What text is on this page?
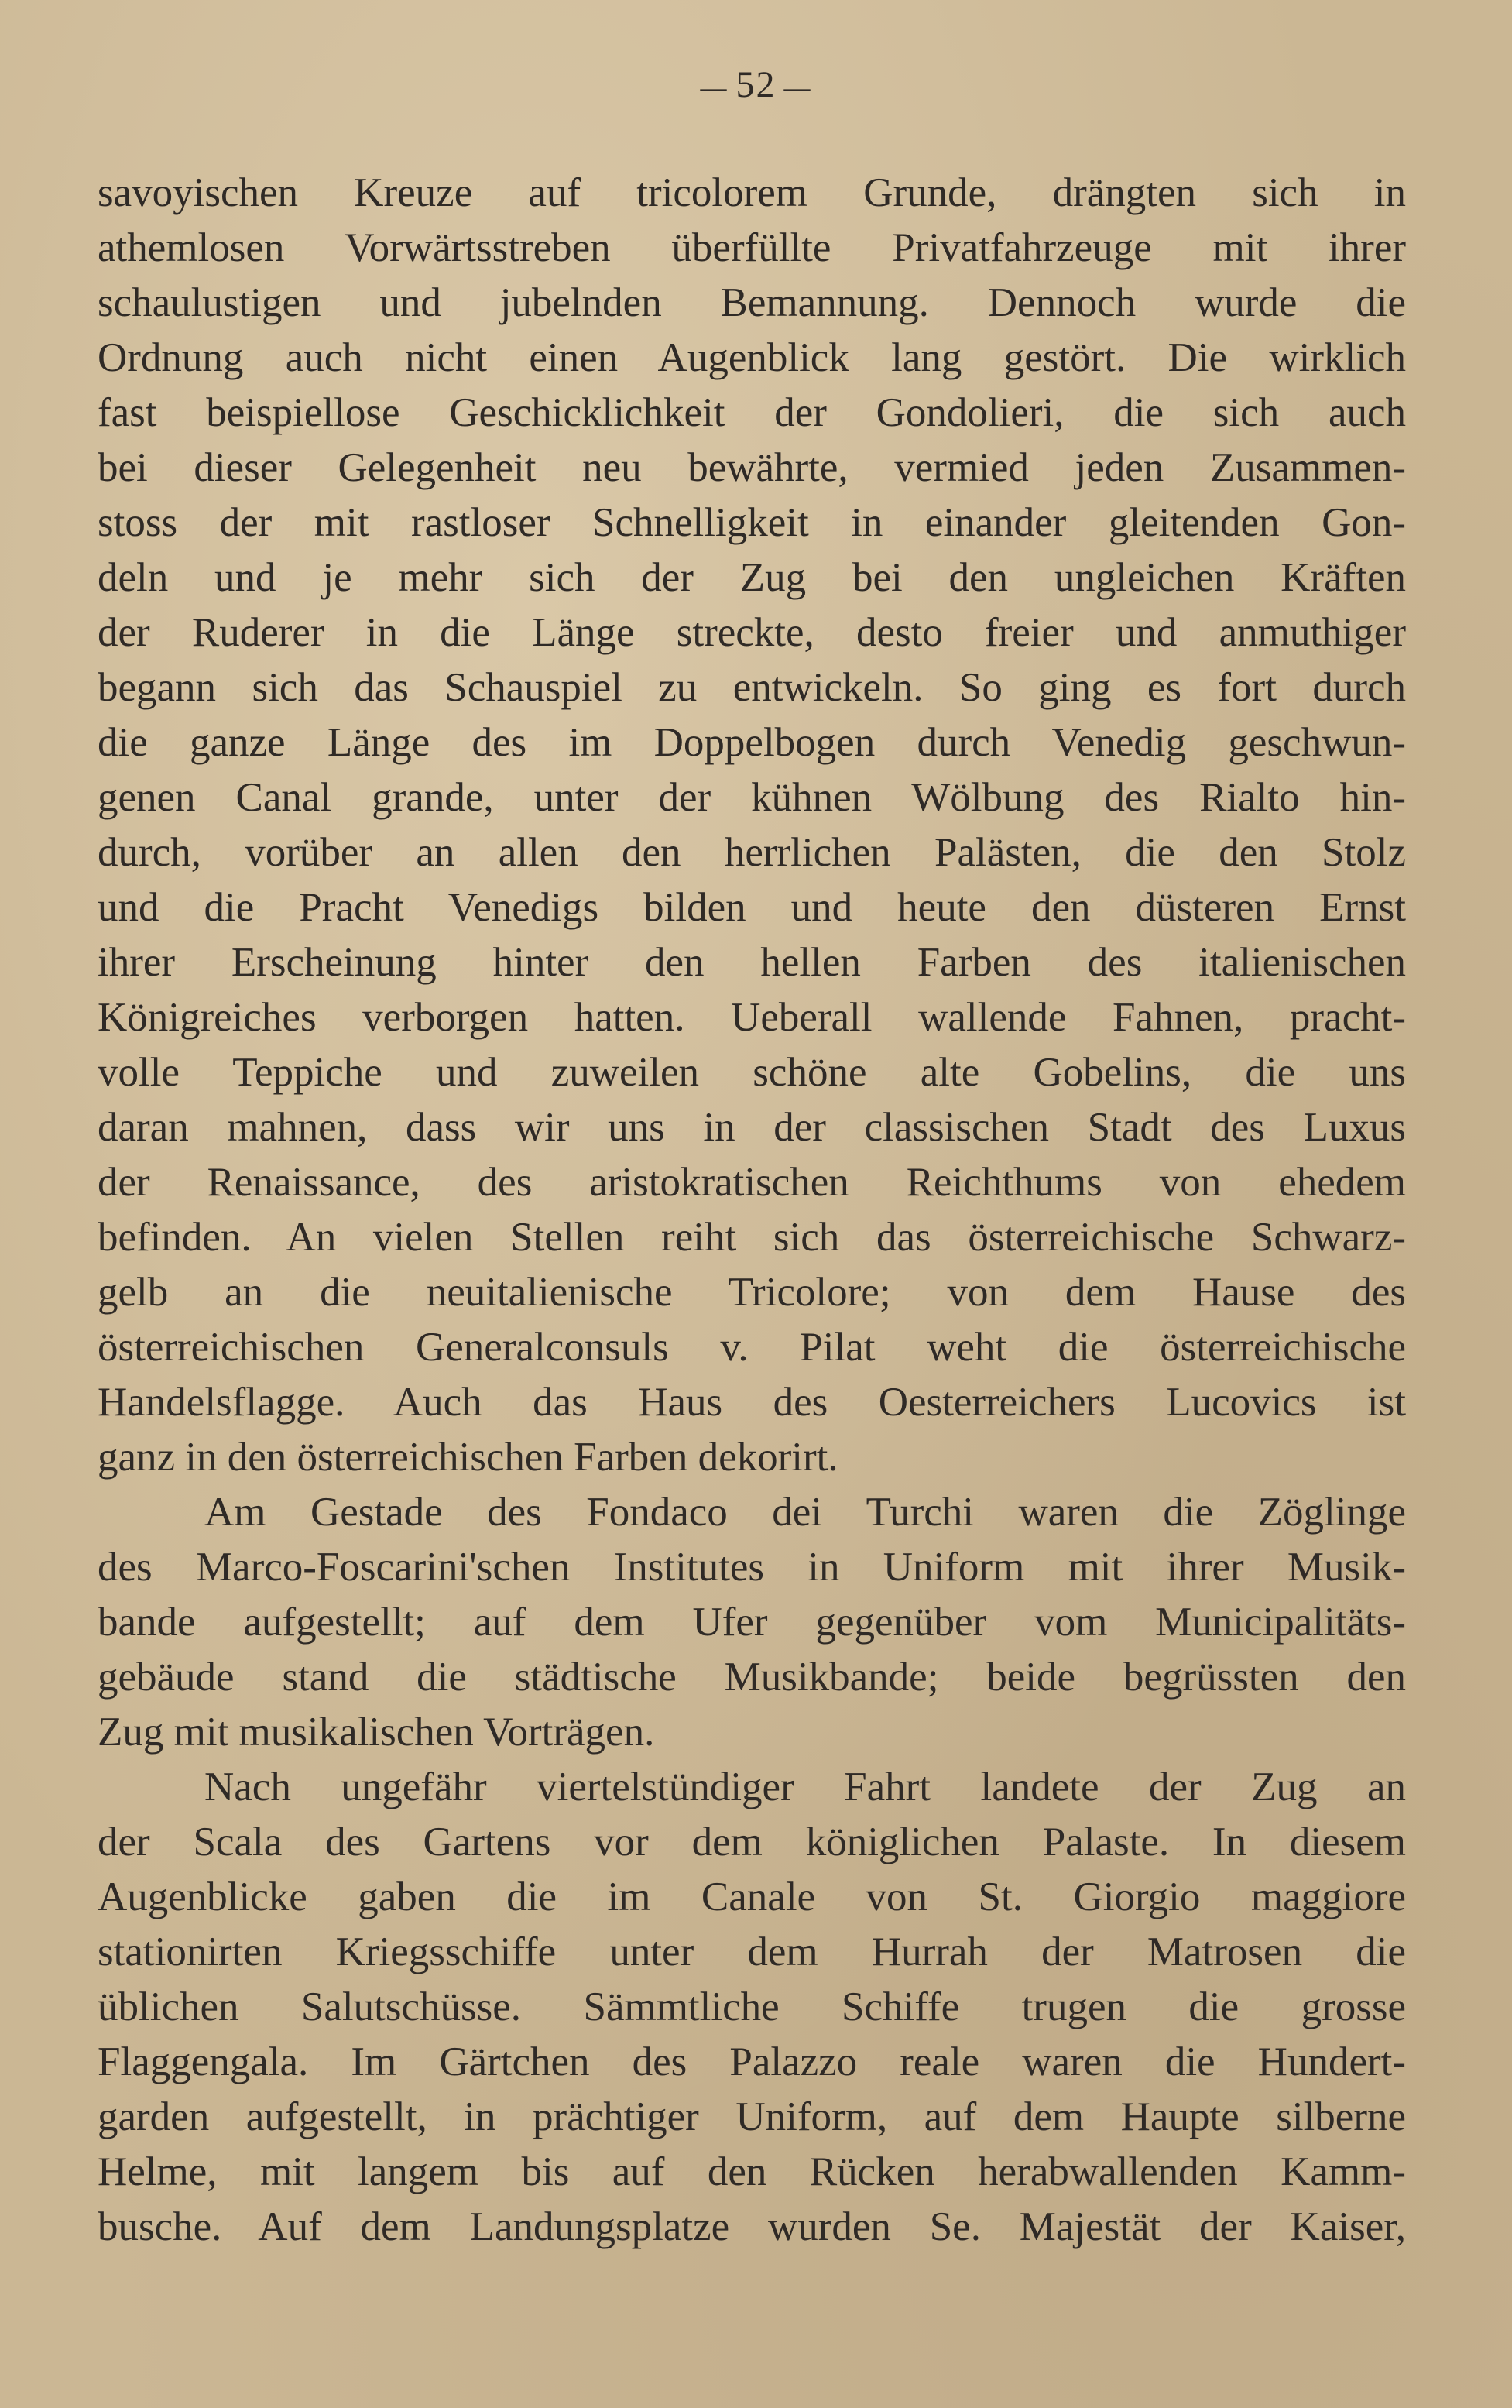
— 52 —
savoyischen Kreuze auf tricolorem Grunde, drängten sich in
athemlosen Vorwärtsstreben überfüllte Privatfahrzeuge mit ihrer
schaulustigen und jubelnden Bemannung. Dennoch wurde die
Ordnung auch nicht einen Augenblick lang gestört. Die wirklich
fast beispiellose Geschicklichkeit der Gondolieri, die sich auch
bei dieser Gelegenheit neu bewährte, vermied jeden Zusammen-
stoss der mit rastloser Schnelligkeit in einander gleitenden Gon-
deln und je mehr sich der Zug bei den ungleichen Kräften
der Ruderer in die Länge streckte, desto freier und anmuthiger
begann sich das Schauspiel zu entwickeln. So ging es fort durch
die ganze Länge des im Doppelbogen durch Venedig geschwun-
genen Canal grande, unter der kühnen Wölbung des Rialto hin-
durch, vorüber an allen den herrlichen Palästen, die den Stolz
und die Pracht Venedigs bilden und heute den düsteren Ernst
ihrer Erscheinung hinter den hellen Farben des italienischen
Königreiches verborgen hatten. Ueberall wallende Fahnen, pracht-
volle Teppiche und zuweilen schöne alte Gobelins, die uns
daran mahnen, dass wir uns in der classischen Stadt des Luxus
der Renaissance, des aristokratischen Reichthums von ehedem
befinden. An vielen Stellen reiht sich das österreichische Schwarz-
gelb an die neuitalienische Tricolore; von dem Hause des
österreichischen Generalconsuls v. Pilat weht die österreichische
Handelsflagge. Auch das Haus des Oesterreichers Lucovics ist
ganz in den österreichischen Farben dekorirt.
Am Gestade des Fondaco dei Turchi waren die Zöglinge
des Marco-Foscarini'schen Institutes in Uniform mit ihrer Musik-
bande aufgestellt; auf dem Ufer gegenüber vom Municipalitäts-
gebäude stand die städtische Musikbande; beide begrüssten den
Zug mit musikalischen Vorträgen.
Nach ungefähr viertelstündiger Fahrt landete der Zug an
der Scala des Gartens vor dem königlichen Palaste. In diesem
Augenblicke gaben die im Canale von St. Giorgio maggiore
stationirten Kriegsschiffe unter dem Hurrah der Matrosen die
üblichen Salutschüsse. Sämmtliche Schiffe trugen die grosse
Flaggengala. Im Gärtchen des Palazzo reale waren die Hundert-
garden aufgestellt, in prächtiger Uniform, auf dem Haupte silberne
Helme, mit langem bis auf den Rücken herabwallenden Kamm-
busche. Auf dem Landungsplatze wurden Se. Majestät der Kaiser,
